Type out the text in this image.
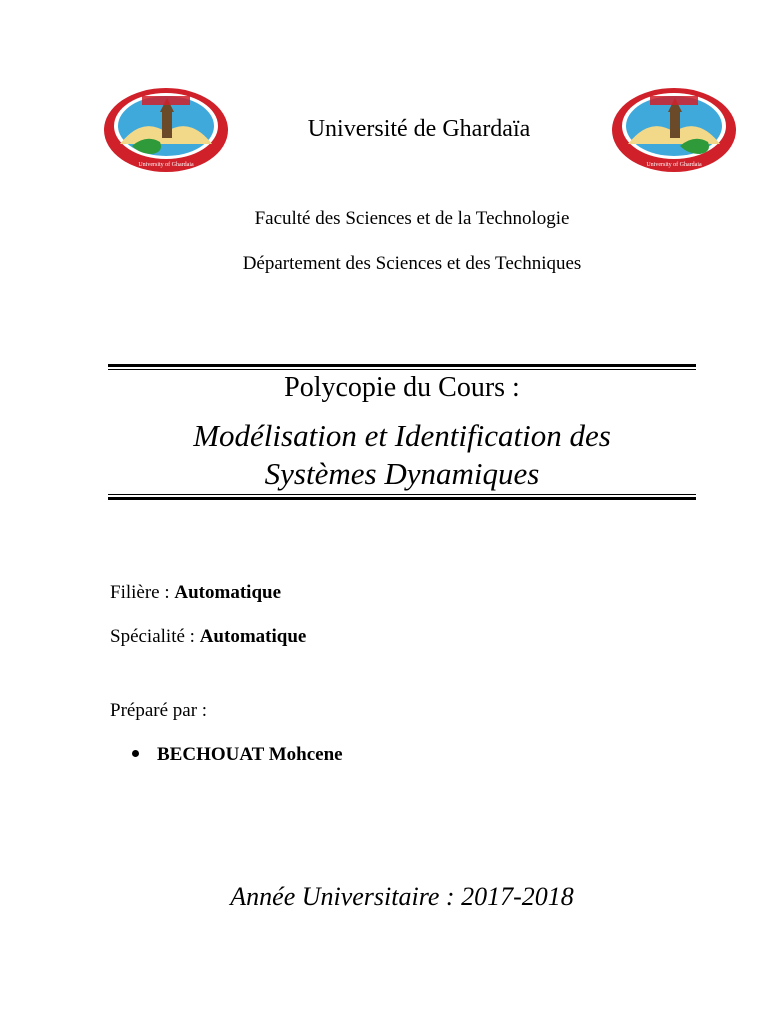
University of Ghardaia	University of Ghardaia
Université de Ghardaïa
Faculté des Sciences et de la Technologie
Département des Sciences et des Techniques
Polycopie du Cours :
Modélisation et Identification des
Systèmes Dynamiques
Filière : Automatique
Spécialité : Automatique
Préparé par :
BECHOUAT Mohcene
Année Universitaire : 2017-2018
